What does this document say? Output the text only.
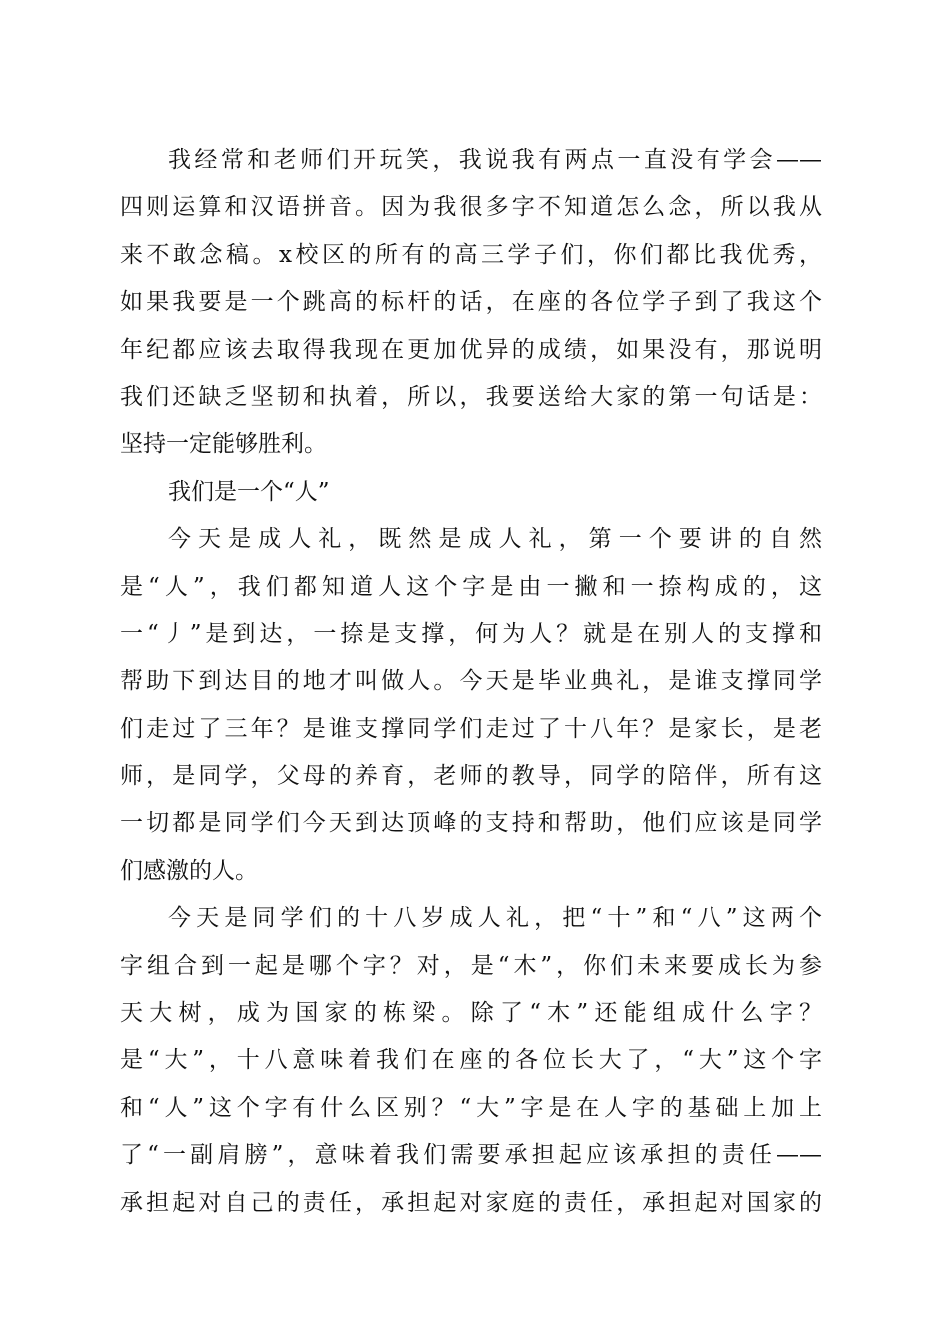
我经常和老师们开玩笑，我说我有两点一直没有学会——
四则运算和汉语拼音。因为我很多字不知道怎么念，所以我从
来不敢念稿。x校区的所有的高三学子们，你们都比我优秀，
如果我要是一个跳高的标杆的话，在座的各位学子到了我这个
年纪都应该去取得我现在更加优异的成绩，如果没有，那说明
我们还缺乏坚韧和执着，所以，我要送给大家的第一句话是：
坚持一定能够胜利。
我们是一个“人”
今天是成人礼，既然是成人礼，第一个要讲的自然
是“人”，我们都知道人这个字是由一撇和一捺构成的，这
一“丿”是到达，一捺是支撑，何为人？就是在别人的支撑和
帮助下到达目的地才叫做人。今天是毕业典礼，是谁支撑同学
们走过了三年？是谁支撑同学们走过了十八年？是家长，是老
师，是同学，父母的养育，老师的教导，同学的陪伴，所有这
一切都是同学们今天到达顶峰的支持和帮助，他们应该是同学
们感激的人。
今天是同学们的十八岁成人礼，把“十”和“八”这两个
字组合到一起是哪个字？对，是“木”，你们未来要成长为参
天大树，成为国家的栋梁。除了“木”还能组成什么字？
是“大”，十八意味着我们在座的各位长大了，“大”这个字
和“人”这个字有什么区别？“大”字是在人字的基础上加上
了“一副肩膀”，意味着我们需要承担起应该承担的责任——
承担起对自己的责任，承担起对家庭的责任，承担起对国家的
